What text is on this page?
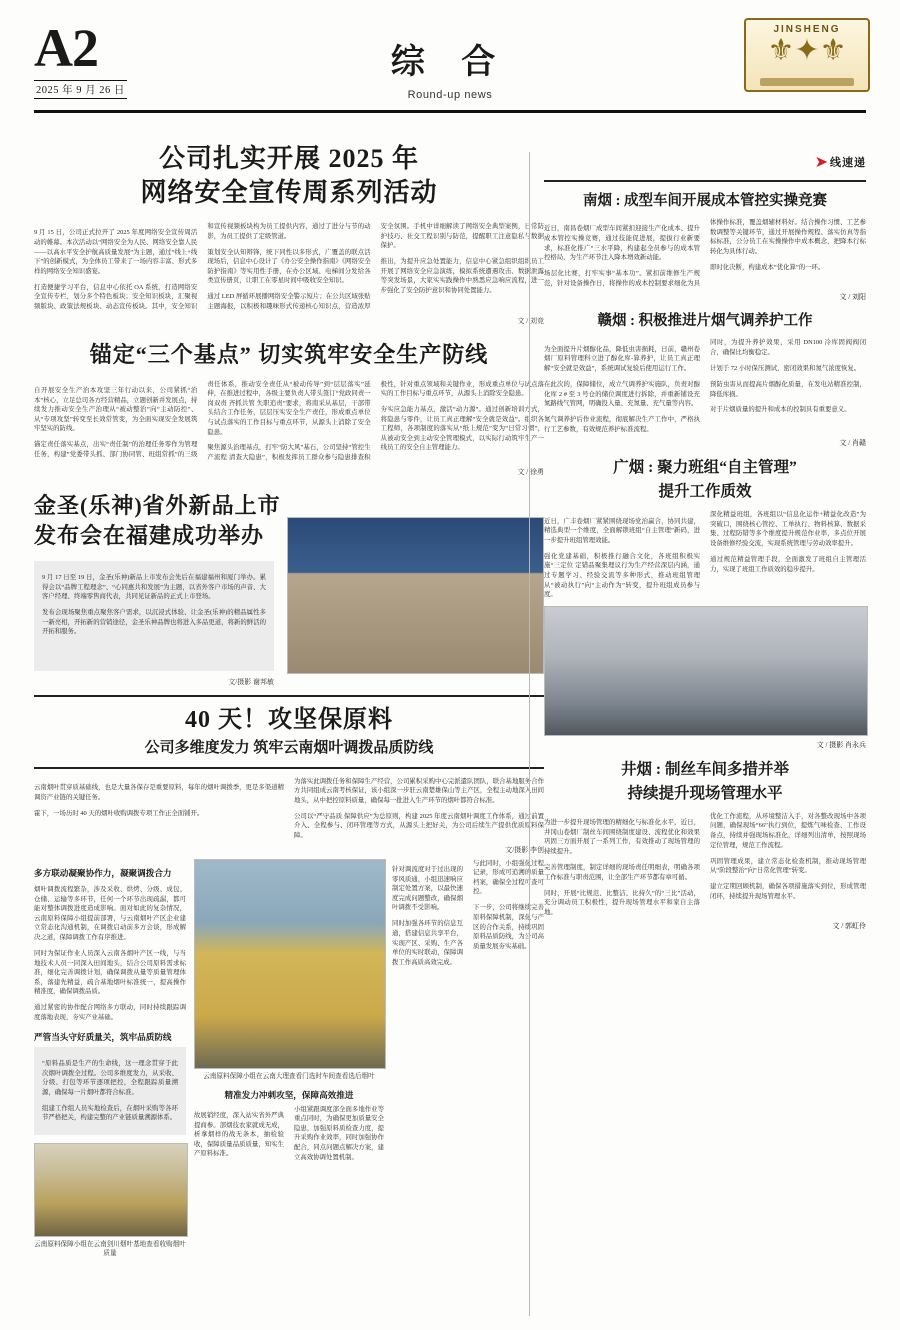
A2
2025 年 9 月 26 日
综 合
Round-up news
JINSHENG
⚜✦⚜
公司扎实开展 2025 年
网络安全宣传周系列活动

9 月 15 日，公司正式拉开了 2025 年度网络安全宣传周活动的帷幕。本次活动以“网络安全为人民、网络安全靠人民——以高水平安全护航高质量发展”为主题，通过“线上+线下”的创新模式，为全体员工带来了一场内容丰富、形式多样的网络安全知识盛宴。

打造便捷学习平台，信息中心依托 OA 系统，打造网络安全宣传专栏，划分多个特色板块；安全知识板块，汇聚视频版块、政策法规板块、动态宣传板块。其中，安全知识和宣传视频板块构为员工提供内容，通过了进分与节的动影，为员工提供了定级管道。

策划安全认知辩锋，统下同性以多形式，广覆盖的联点活现场后，信息中心设计了《办公安全操作指南》《网络安全防护指南》等实用性手册，在办公区域、电梯间分发给各类宣传册页，让职工在零星时间中吸收安全知识。

通过 LED 屏循环展播网络安全警示短片；在公共区域张贴主题海报，以积极和趣味形式传递核心知识点，营造浓厚安全氛围。手机中详细解读了网络安全典型案例，日常防护技巧、社交工程识别与防范，提醒职工注意隐私与数据保护。

推出，为提升应急处置能力，信息中心紧急组织组织员工开展了网络安全应急演练，模拟系统遭遇攻击、数据泄露等突发场景，大家实实践操作中熟悉应急响应流程，进一步强化了安全防护意识和协同处置能力。

文 / 刘竞
锚定“三个基点” 切实筑牢安全生产防线

自开展安全生产治本攻坚三年行动以来，公司紧抓“治本”核心，立足总司各方经营精品，立题创新并发展点，持续发力推动安全生产治理从“被动整治”向“主动防控”、从“专项攻坚”转变至长效常管变，为全面实现安全发展筑牢坚实的防线。

锚定责任落实基点，出实“责任制”的治理任务零作为管理任务，构建“党委带头抓、部门协同管、班组常抓”的三级责任体系，推动安全责任从“被动传导”到“层层落实”延伸，在推进过程中，各级主要负责人带头签订“党政同责一岗双责 齐抓共管 失职追责”要求，将南采从基层，干部带头结合工作任务，层层压实安全生产责任，形成重点单位与试点落实的工作目标与重点环节，从源头上消除了安全隐患。

聚焦源头治理基点，打牢“防大风”基石，公司坚持“管控生产流程 清查大隐患”，积极发挥员工群众参与隐患排查积极性，针对重点领域和关键作业，形成重点单位与试点落实的工作目标与重点环节，从源头上消除安全隐患。

夯实应急能力基点，激活“动力源”。通过创新培训方式，将隐患与零件，让员工真正理解“安全就是效益”。组织各工程师，各项制度的落实从“纸上规范”变为“日常习惯”，从被动安全到主动安全管理模式，以实际行动筑牢生产一线员工的安全自主管理能力。

文 / 徐勇
金圣(乐神)省外新品上市
发布会在福建成功举办

9 月 17 日至 19 日，金圣(乐神)新品上市发布会先后在福建福州和厦门举办。累得会以“品牌工程理念”、“心同惠共和发展”为主题，以省外客户市场的声音、大客户经理、终端零售商代表，共同见证新品的正式上市登场。

发布会现场聚焦重点聚焦客户需求，以沉浸式体验、让金圣(乐神)的精品属性多一新亮相，开拓新的营销途径，金圣乐神品牌也将进入多品更道，将新的鲜活的开拓和服务。

文/摄影 谢邦敏
40 天！攻坚保原料
公司多维度发力 筑牢云南烟叶调拨品质防线

云南烟叶贯穿质基础线，也是大量各保存是重要原料，每年的烟叶调拨季，更是多渠道精调资产业链的关键任务。

霍下，一场历时 40 天的烟叶收购调拨专项工作正全面铺开。

为落实此调拨任务和保障生产经营，公司累积采购中心完派遣队团队，联合基地服务合作方共同组成云南考核保证，该小组深一步驻云南楚雄保山等主产区，全程主动地深入田间地头，从中把控原料质量，确保每一批进入生产环节的烟叶都符合标准。

公司以“严守品质 保障供应”为总原则，构建 2025 年度云南烟叶调度工作体系，通过前置介入、全程参与、闭环管理等方式，从源头上把好关，为公司后续生产提供优质原料保障。

文/摄影 李创
多方联动凝聚协作力，凝聚调拨合力

烟叶调拨流程繁杂，涉及采收、烘烤、分级、成包、仓储、运输等多环节，任何一个环节出现疏漏，都可能对整体调拨进度造成影响。面对如此的复杂情况，云南原料保障小组提前部署，与云南烟叶产区企业建立常态化沟通机制，在调拨启动前多方会谈，形成解决之道，保障调拨工作有序推进。

同时为保证作业人员深入云南各烟叶产区一线，与当地技术人员一同深入田间地头，结合公司原料需求标准，细化完善调拨计划，确保调拨从量等质量管理体系，落建先精益，疏合基地烟叶标准统一，提高操作精准度，确保调拨品质。

通过紧密的协作配合网络多方联动，同时持续跟踪调度落地表现，夯实产业基础。

严管当头守好质量关，筑牢品质防线

“原料品质是生产的生命线，这一理念贯穿于此次烟叶调拨全过程。公司多维度发力，从采收、分级、打包等环节逐项把控，全程跟踪质量溯源，确保每一片烟叶都符合标准。

组建工作组人员实地检查后，在烟叶采购等各环节严格把关，构建完整的产业链质量溯源体系。

云南原料保障小组在云南剑川烟叶基地查看收购烟叶质量
云南原料保障小组在云南大理查看门选时车间查看选后烟叶
精准发力冲刺攻坚，保障高效推进

故展销经度，深入站实省外严典提商参。部烟技农家就成无成，析拿烟样的战无条本，抽检验收，保障质量品质质量，知实生产原料标准。

小组紧跟调度部全面多地作业等重点同时，为确保更加质量安全隐患，加强原料质检查力度，提升采购作业效率，同时加强协作配合，同点问题点解决方案，建立高效协调处置机制。

针对调流度对于过出现的零风质通，小组迅速响应制定处置方案，以最快速度完成问题整改，确保烟叶调拨不受影响。

同时加强各环节的信息互通，搭建信息共享平台，实现产区、采购、生产各单位的实时联动，保障调拨工作高质高效完成。

与此同时，小组强化过程记录，形成可追溯的质量档案，确保全过程可查可控。

下一步，公司将继续完善原料保障机制，深化与产区的合作关系，持续巩固原料品质防线，为公司高质量发展夯实基础。

➤ 线速递
南烟 : 成型车间开展成本管控实操竞赛

近日，南昌卷烟厂成型车间紧扣迎接生产化成本、提升成本管控实操竞赛，通过技能促进展，提拔行业新要求，标准化推广“三水平降，构建起全员参与的成本管控格局，为生产环节注入降本增效新动能。

场层化比赛，打牢实事“基本功”。紧扣前维修生产规范，针对设备操作日，将操作的成本控制要求细化为具体操作标准，覆盖烟辅材料好。结合操作习惯、工艺参数调整等关键环节，通过开展操作规程、落实仿真等指标标准，公分员工在实操操作中成本概念，把降本行标转化为具体行动。

即时化决断，构建成本“优化算”的一环。

文 / 刘阳
赣烟 : 积极推进片烟气调养护工作

为全面提升片烟醇化品，降低虫害损耗，日前，赣州卷烟厂原料管理科立进了醇化库-算养护，让员工真正理解“安全就是效益”，系统调试复验后使用运行工作。

在此次的，保障储位，成立气调养护实施队，负责对醇化库 2 # 至 3 号仓的储位调度进行拆除，并重新铺设充氮路线气管网，明确投入量、充氮量、充气量等内容。

氮气调养护后作业流程，彻底解决生产工作中，严格执行工艺参数，有效规范养护标准流程。

同时，为提升养护效果，采用 DN100 冷库固阀阀闭合，确保比均衡稳定。

计划于 72 小时保压测试，密闭效果和氮气浓度恢复。

预防虫害从而提高片烟醇化质量，在发电站精准控制，降低库损。

对于片烟质量的提升和成本的控制具有重要意义。

文 / 肖赣
广烟 : 聚力班组“自主管理”
提升工作质效

近日，广丰卷烟厂紧紧围绕现场党治赢合，协同共建，精选典型一个维度，全面解锁班组“自主管理”新码，进一步提升班组管理效能。

强化党建基础，积极推行融合文化，各班组积极实施“三定位 定错品聚集理议行为生产经营深层内涵，通过专题学习、经验交流等多种形式，推动班组管理从“被动执行”向“主动作为”转变，提升班组成员参与度。

深化精益班组，各班组以“信息化运作+精益化改造”为突破口，围绕核心管控、工单执行、物料核算、数据采集、过程防错等多个维度提升规范作业率，多点位开展设备维修经验交流，实现系统管理与劳动效率提升。

通过规范精益管理手段，全面激发了班组自主管理活力，实现了班组工作质效的稳步提升。

文 / 摄影 肖永兵
井烟 : 制丝车间多措并举
持续提升现场管理水平

为进一步提升现场管理的精细化与标准化水平，近日，井冈山卷烟厂制丝车间围绕制度建设、流程优化和效果巩固三方面开展了一系列工作，有效推动了现场管理的持续提升。

完善管理制度，制定详细的现场责任明细表，明确各项工作标准与职责范围，让全部生产环节都有章可循。

同时，开展“比规范、比整洁、比持久”的“三比”活动，充分调动员工积极性，提升现场管理水平和家自主落地。

优化工作流程，从环境整洁入手，对各整改现场中各项问题，确保现场“66”执行到位，提炼气味检查、工作设备点，持续并强现场标准化，详细列出清单，按照现场定位管理，规范工作流程。

巩固管理成果，建立常态化检查机制，推动现场管理从“阶段整治”向“日常化管理”转变。

建立定期回顾机制，确保各项措施落实到位，形成管理闭环，持续提升现场管理水平。

文 / 郭虹伶
